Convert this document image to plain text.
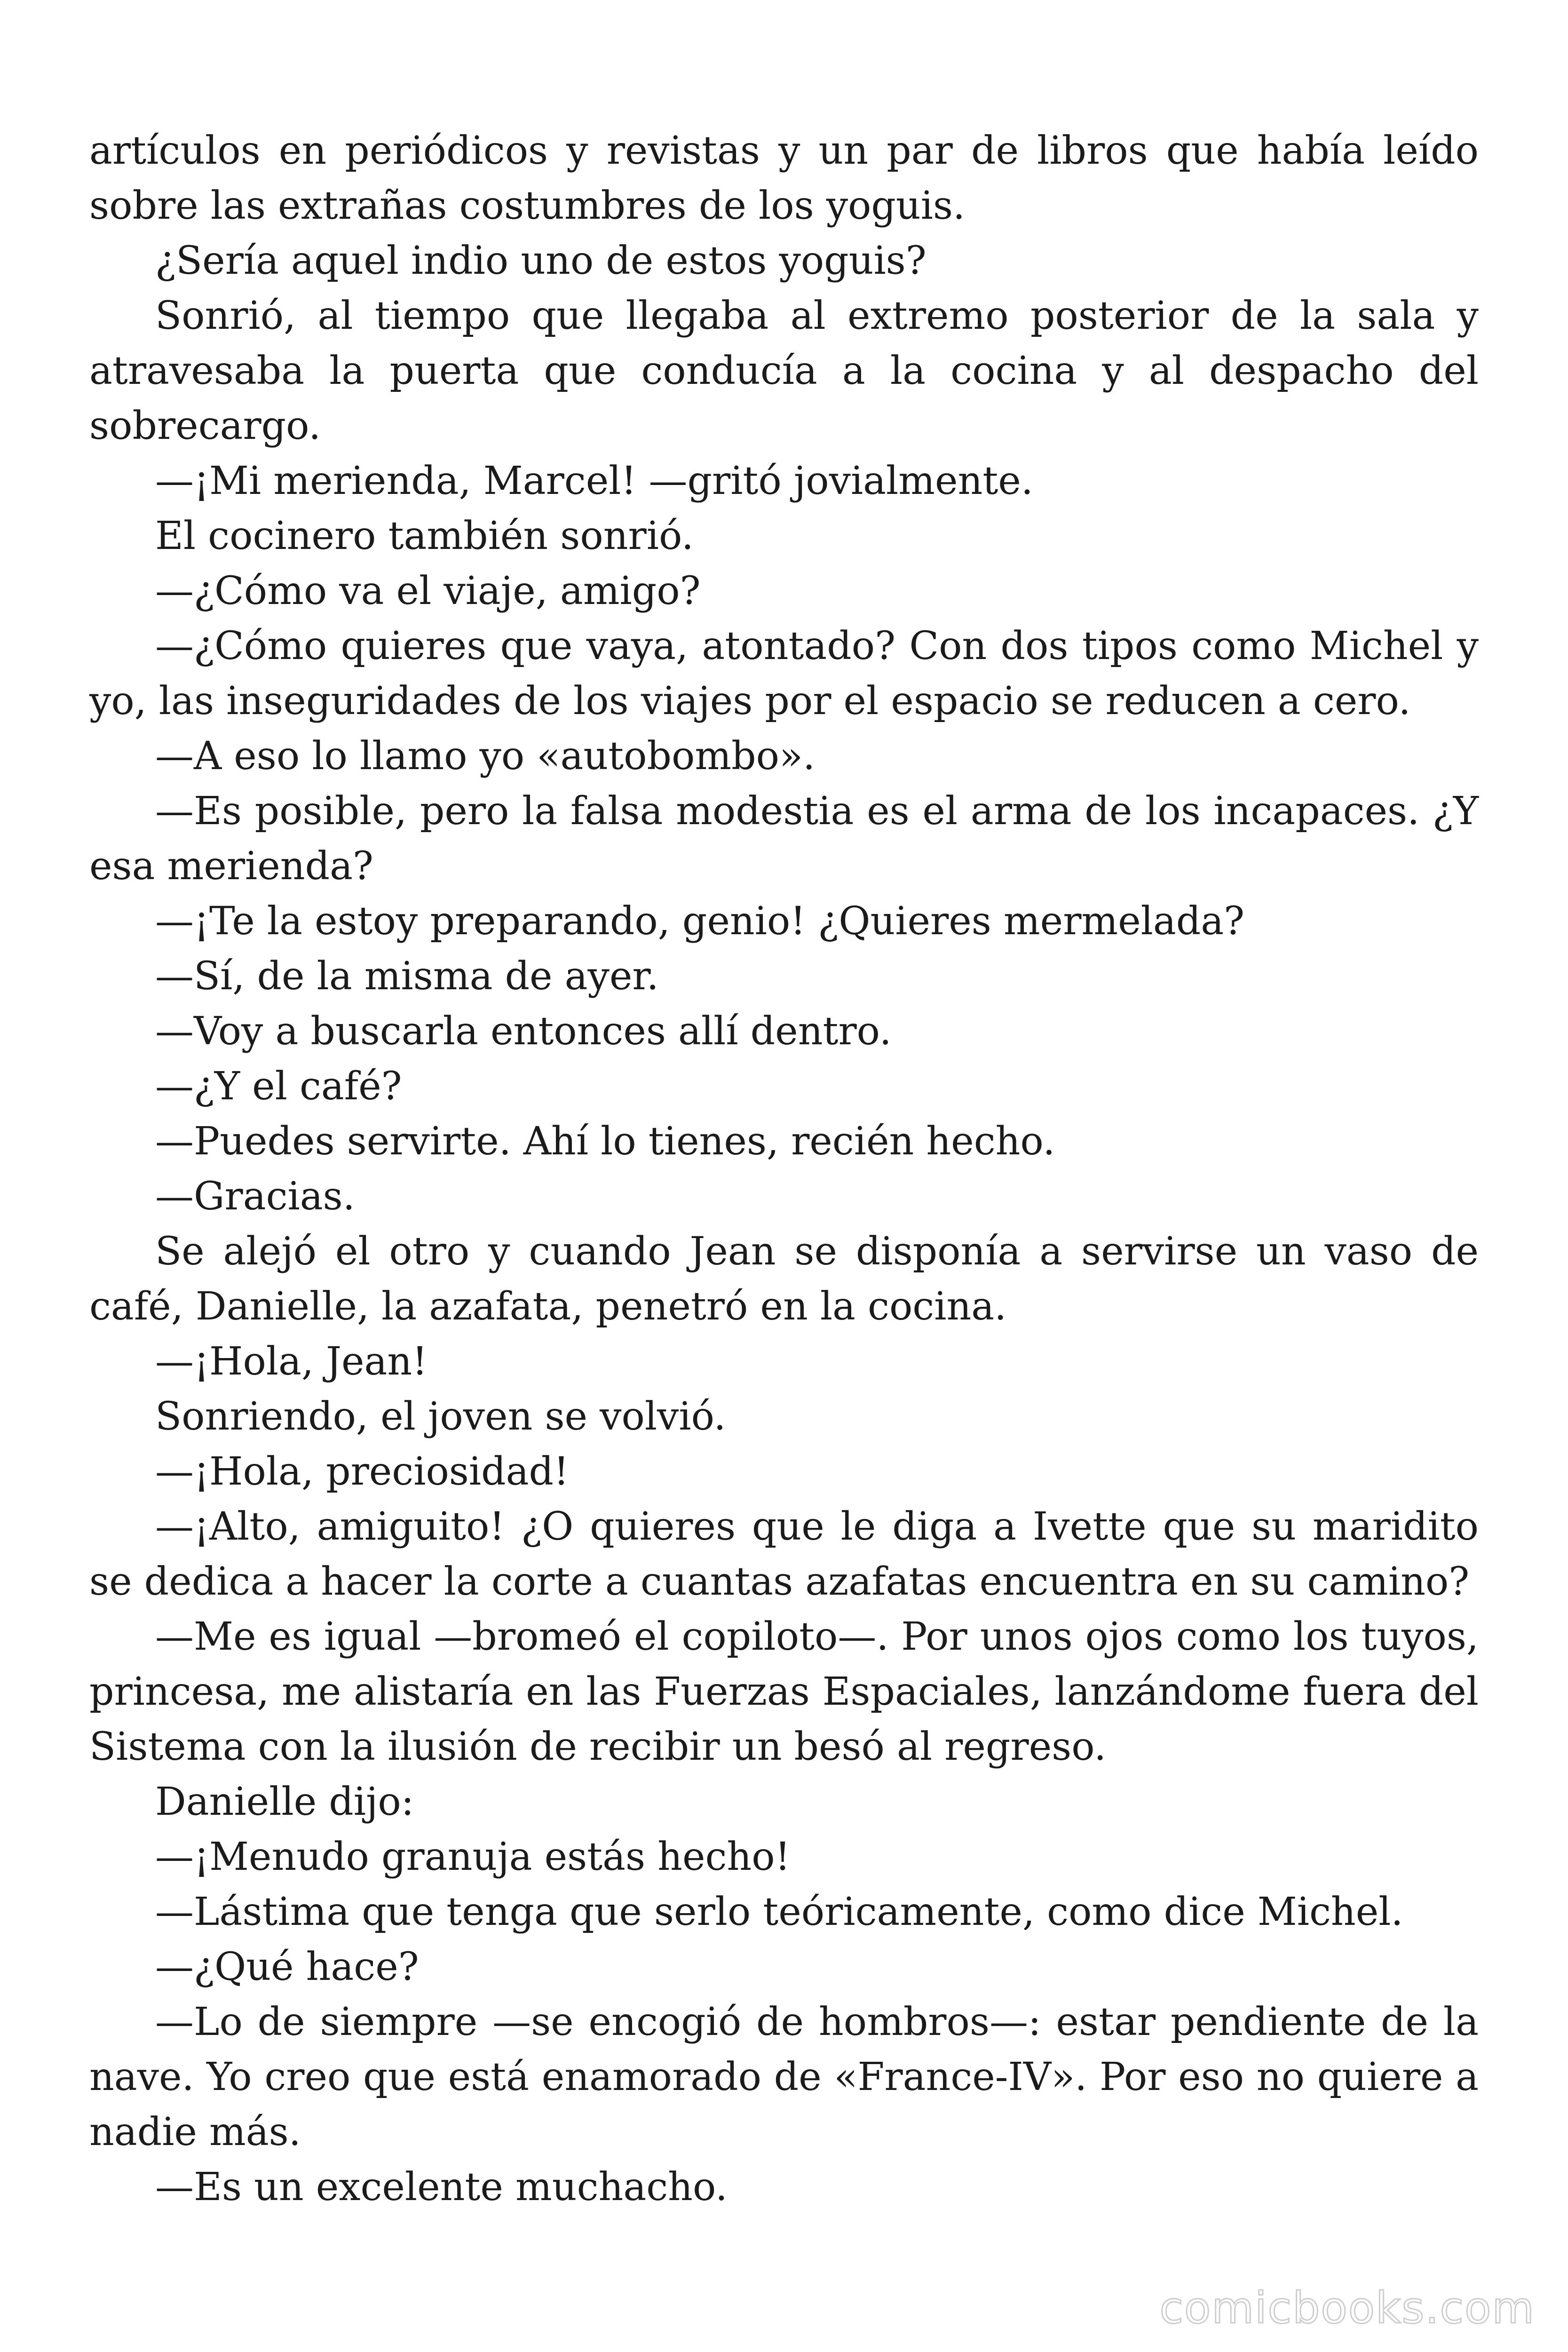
artículos en periódicos y revistas y un par de libros que había leído sobre las extrañas costumbres de los yoguis.

¿Sería aquel indio uno de estos yoguis?

Sonrió, al tiempo que llegaba al extremo posterior de la sala y atravesaba la puerta que conducía a la cocina y al despacho del sobrecargo.

—¡Mi merienda, Marcel! —gritó jovialmente.

El cocinero también sonrió.

—¿Cómo va el viaje, amigo?

—¿Cómo quieres que vaya, atontado? Con dos tipos como Michel y yo, las inseguridades de los viajes por el espacio se reducen a cero.

—A eso lo llamo yo «autobombo».

—Es posible, pero la falsa modestia es el arma de los incapaces. ¿Y esa merienda?

—¡Te la estoy preparando, genio! ¿Quieres mermelada?

—Sí, de la misma de ayer.

—Voy a buscarla entonces allí dentro.

—¿Y el café?

—Puedes servirte. Ahí lo tienes, recién hecho.

—Gracias.

Se alejó el otro y cuando Jean se disponía a servirse un vaso de café, Danielle, la azafata, penetró en la cocina.

—¡Hola, Jean!

Sonriendo, el joven se volvió.

—¡Hola, preciosidad!

—¡Alto, amiguito! ¿O quieres que le diga a Ivette que su maridito se dedica a hacer la corte a cuantas azafatas encuentra en su camino?

—Me es igual —bromeó el copiloto—. Por unos ojos como los tuyos, princesa, me alistaría en las Fuerzas Espaciales, lanzándome fuera del Sistema con la ilusión de recibir un besó al regreso.

Danielle dijo:

—¡Menudo granuja estás hecho!

—Lástima que tenga que serlo teóricamente, como dice Michel.

—¿Qué hace?

—Lo de siempre —se encogió de hombros—: estar pendiente de la nave. Yo creo que está enamorado de «France-IV». Por eso no quiere a nadie más.

—Es un excelente muchacho.

comicbooks.com
